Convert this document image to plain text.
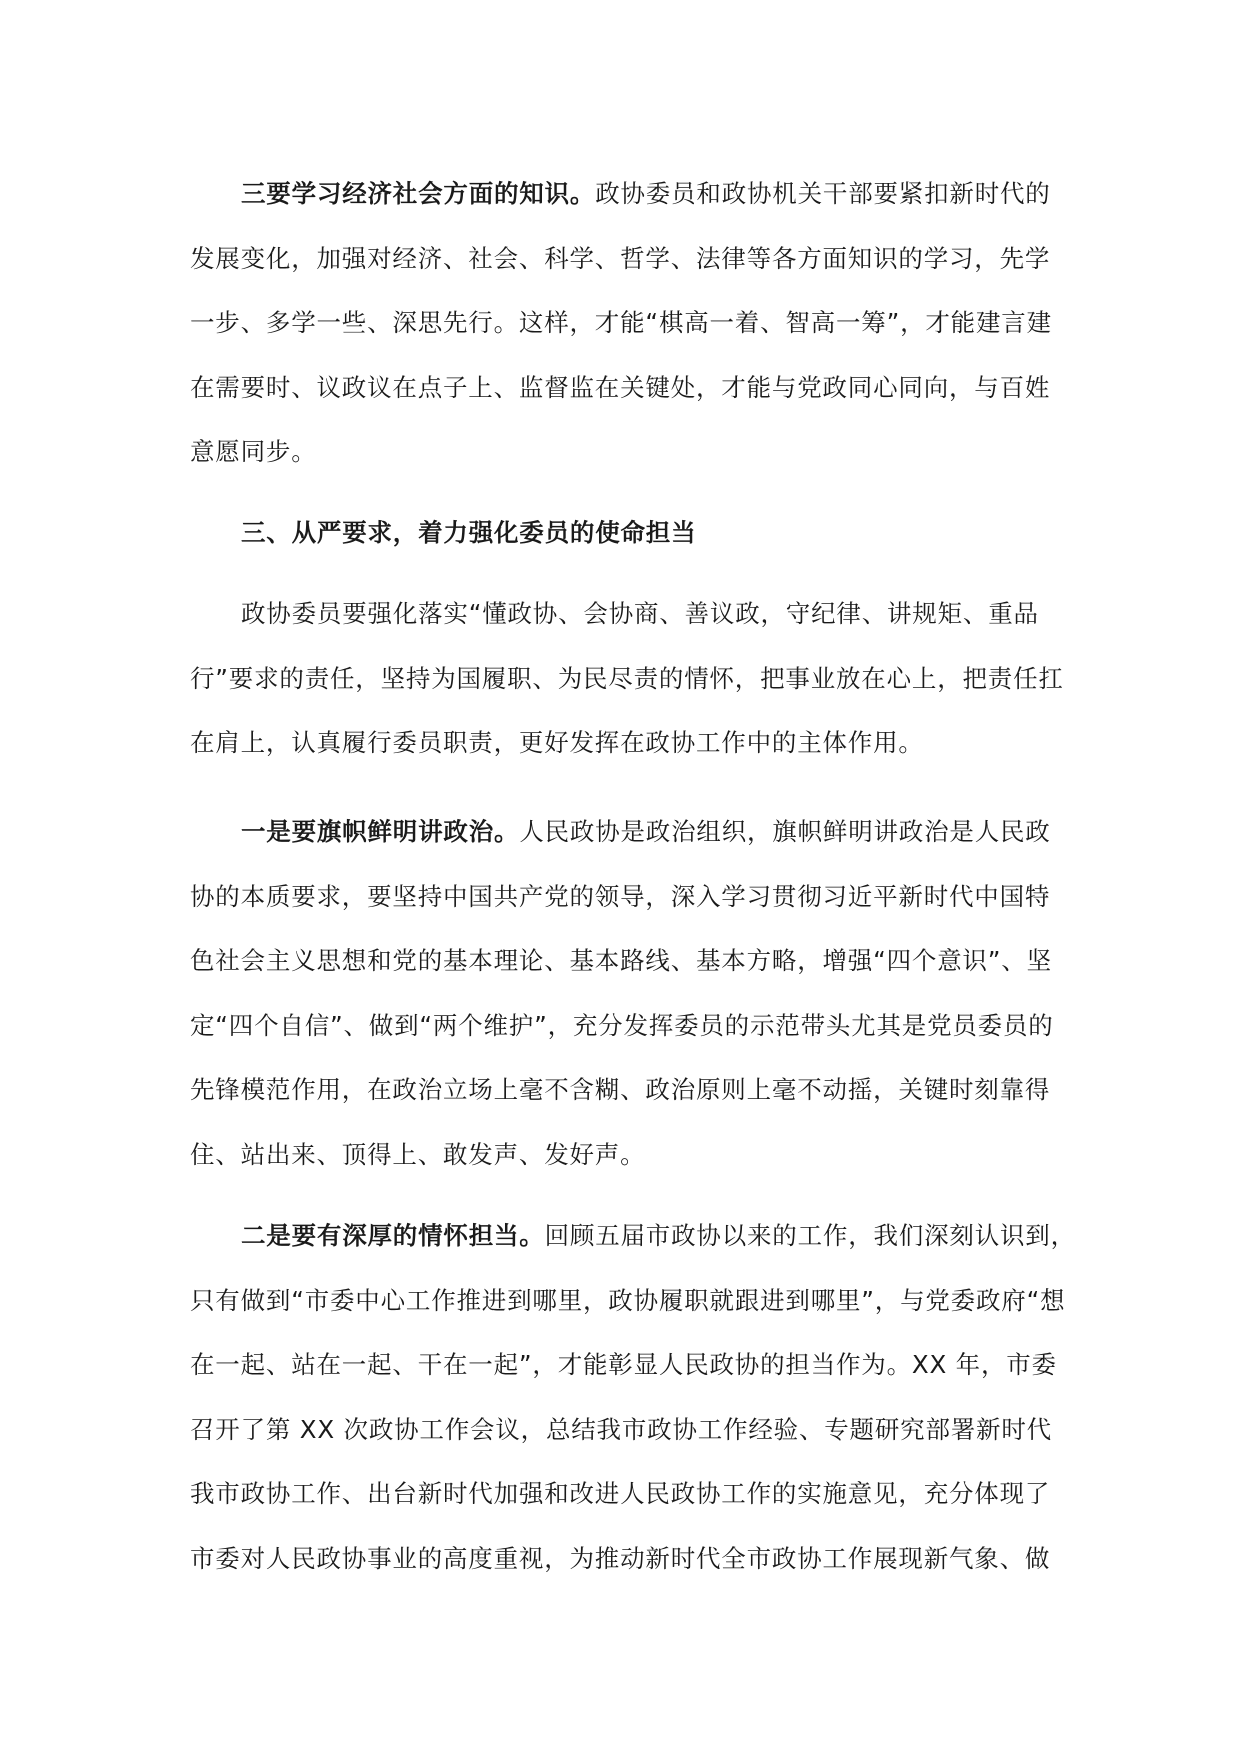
三要学习经济社会方面的知识。政协委员和政协机关干部要紧扣新时代的
发展变化，加强对经济、社会、科学、哲学、法律等各方面知识的学习，先学
一步、多学一些、深思先行。这样，才能“棋高一着、智高一筹”，才能建言建
在需要时、议政议在点子上、监督监在关键处，才能与党政同心同向，与百姓
意愿同步。
三、从严要求，着力强化委员的使命担当
政协委员要强化落实“懂政协、会协商、善议政，守纪律、讲规矩、重品
行”要求的责任，坚持为国履职、为民尽责的情怀，把事业放在心上，把责任扛
在肩上，认真履行委员职责，更好发挥在政协工作中的主体作用。
一是要旗帜鲜明讲政治。人民政协是政治组织，旗帜鲜明讲政治是人民政
协的本质要求，要坚持中国共产党的领导，深入学习贯彻习近平新时代中国特
色社会主义思想和党的基本理论、基本路线、基本方略，增强“四个意识”、坚
定“四个自信”、做到“两个维护”，充分发挥委员的示范带头尤其是党员委员的
先锋模范作用，在政治立场上毫不含糊、政治原则上毫不动摇，关键时刻靠得
住、站出来、顶得上、敢发声、发好声。
二是要有深厚的情怀担当。回顾五届市政协以来的工作，我们深刻认识到，
只有做到“市委中心工作推进到哪里，政协履职就跟进到哪里”，与党委政府“想
在一起、站在一起、干在一起”，才能彰显人民政协的担当作为。XX 年，市委
召开了第 XX 次政协工作会议，总结我市政协工作经验、专题研究部署新时代
我市政协工作、出台新时代加强和改进人民政协工作的实施意见，充分体现了
市委对人民政协事业的高度重视，为推动新时代全市政协工作展现新气象、做
